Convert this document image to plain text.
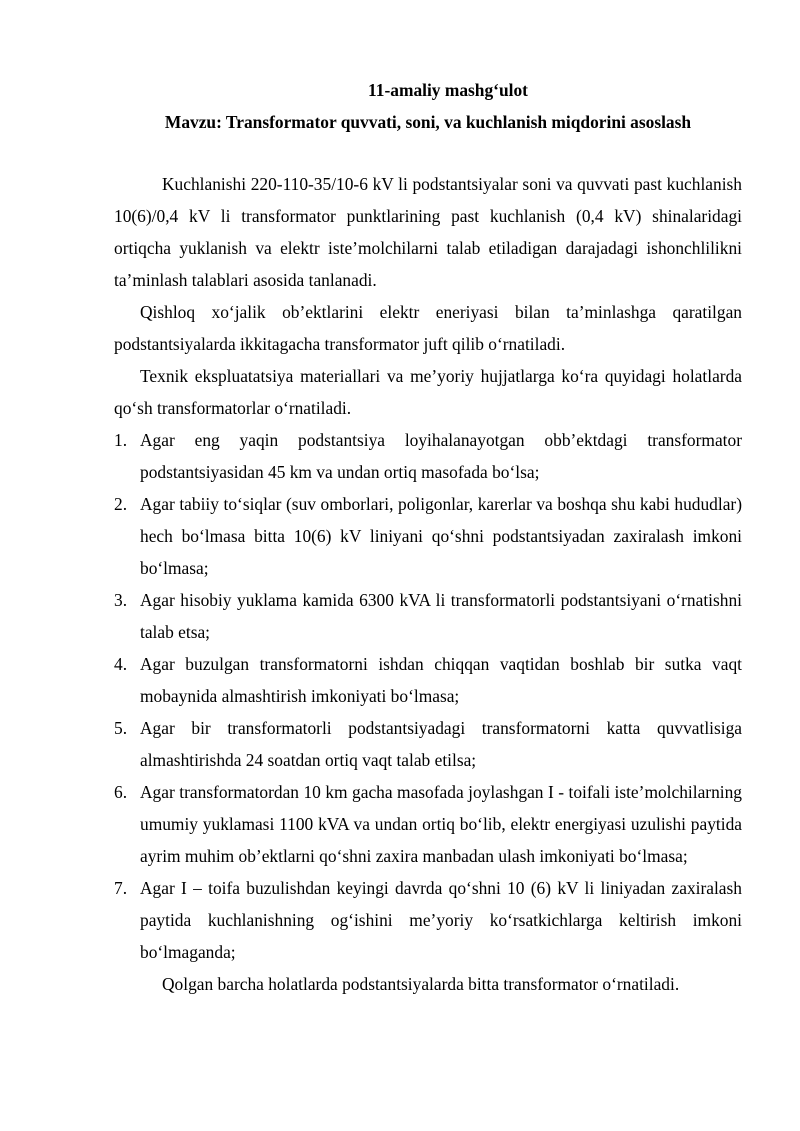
11-amaliy mashg‘ulot
Mavzu: Transformator quvvati, soni, va kuchlanish miqdorini asoslash

Kuchlanishi 220-110-35/10-6 kV li podstantsiyalar soni va quvvati past kuchlanish 10(6)/0,4 kV li transformator punktlarining past kuchlanish (0,4 kV) shinalaridagi ortiqcha yuklanish va elektr iste’molchilarni talab etiladigan darajadagi ishonchlilikni ta’minlash talablari asosida tanlanadi.

Qishloq xo‘jalik ob’ektlarini elektr eneriyasi bilan ta’minlashga qaratilgan podstantsiyalarda ikkitagacha transformator juft qilib o‘rnatiladi.

Texnik ekspluatatsiya materiallari va me’yoriy hujjatlarga ko‘ra quyidagi holatlarda qo‘sh transformatorlar o‘rnatiladi.

1. Agar eng yaqin podstantsiya loyihalanayotgan obb’ektdagi transformator podstantsiyasidan 45 km va undan ortiq masofada bo‘lsa;
2. Agar tabiiy to‘siqlar (suv omborlari, poligonlar, karerlar va boshqa shu kabi hududlar) hech bo‘lmasa bitta 10(6) kV liniyani qo‘shni podstantsiyadan zaxiralash imkoni bo‘lmasa;
3. Agar hisobiy yuklama kamida 6300 kVA li transformatorli podstantsiyani o‘rnatishni talab etsa;
4. Agar buzulgan transformatorni ishdan chiqqan vaqtidan boshlab bir sutka vaqt mobaynida almashtirish imkoniyati bo‘lmasa;
5. Agar bir transformatorli podstantsiyadagi transformatorni katta quvvatlisiga almashtirishda 24 soatdan ortiq vaqt talab etilsa;
6. Agar transformatordan 10 km gacha masofada joylashgan I - toifali iste’molchilarning umumiy yuklamasi 1100 kVA va undan ortiq bo‘lib, elektr energiyasi uzulishi paytida ayrim muhim ob’ektlarni qo‘shni zaxira manbadan ulash imkoniyati bo‘lmasa;
7. Agar I – toifa buzulishdan keyingi davrda qo‘shni 10 (6) kV li liniyadan zaxiralash paytida kuchlanishning og‘ishini me’yoriy ko‘rsatkichlarga keltirish imkoni bo‘lmaganda;

Qolgan barcha holatlarda podstantsiyalarda bitta transformator o‘rnatiladi.
